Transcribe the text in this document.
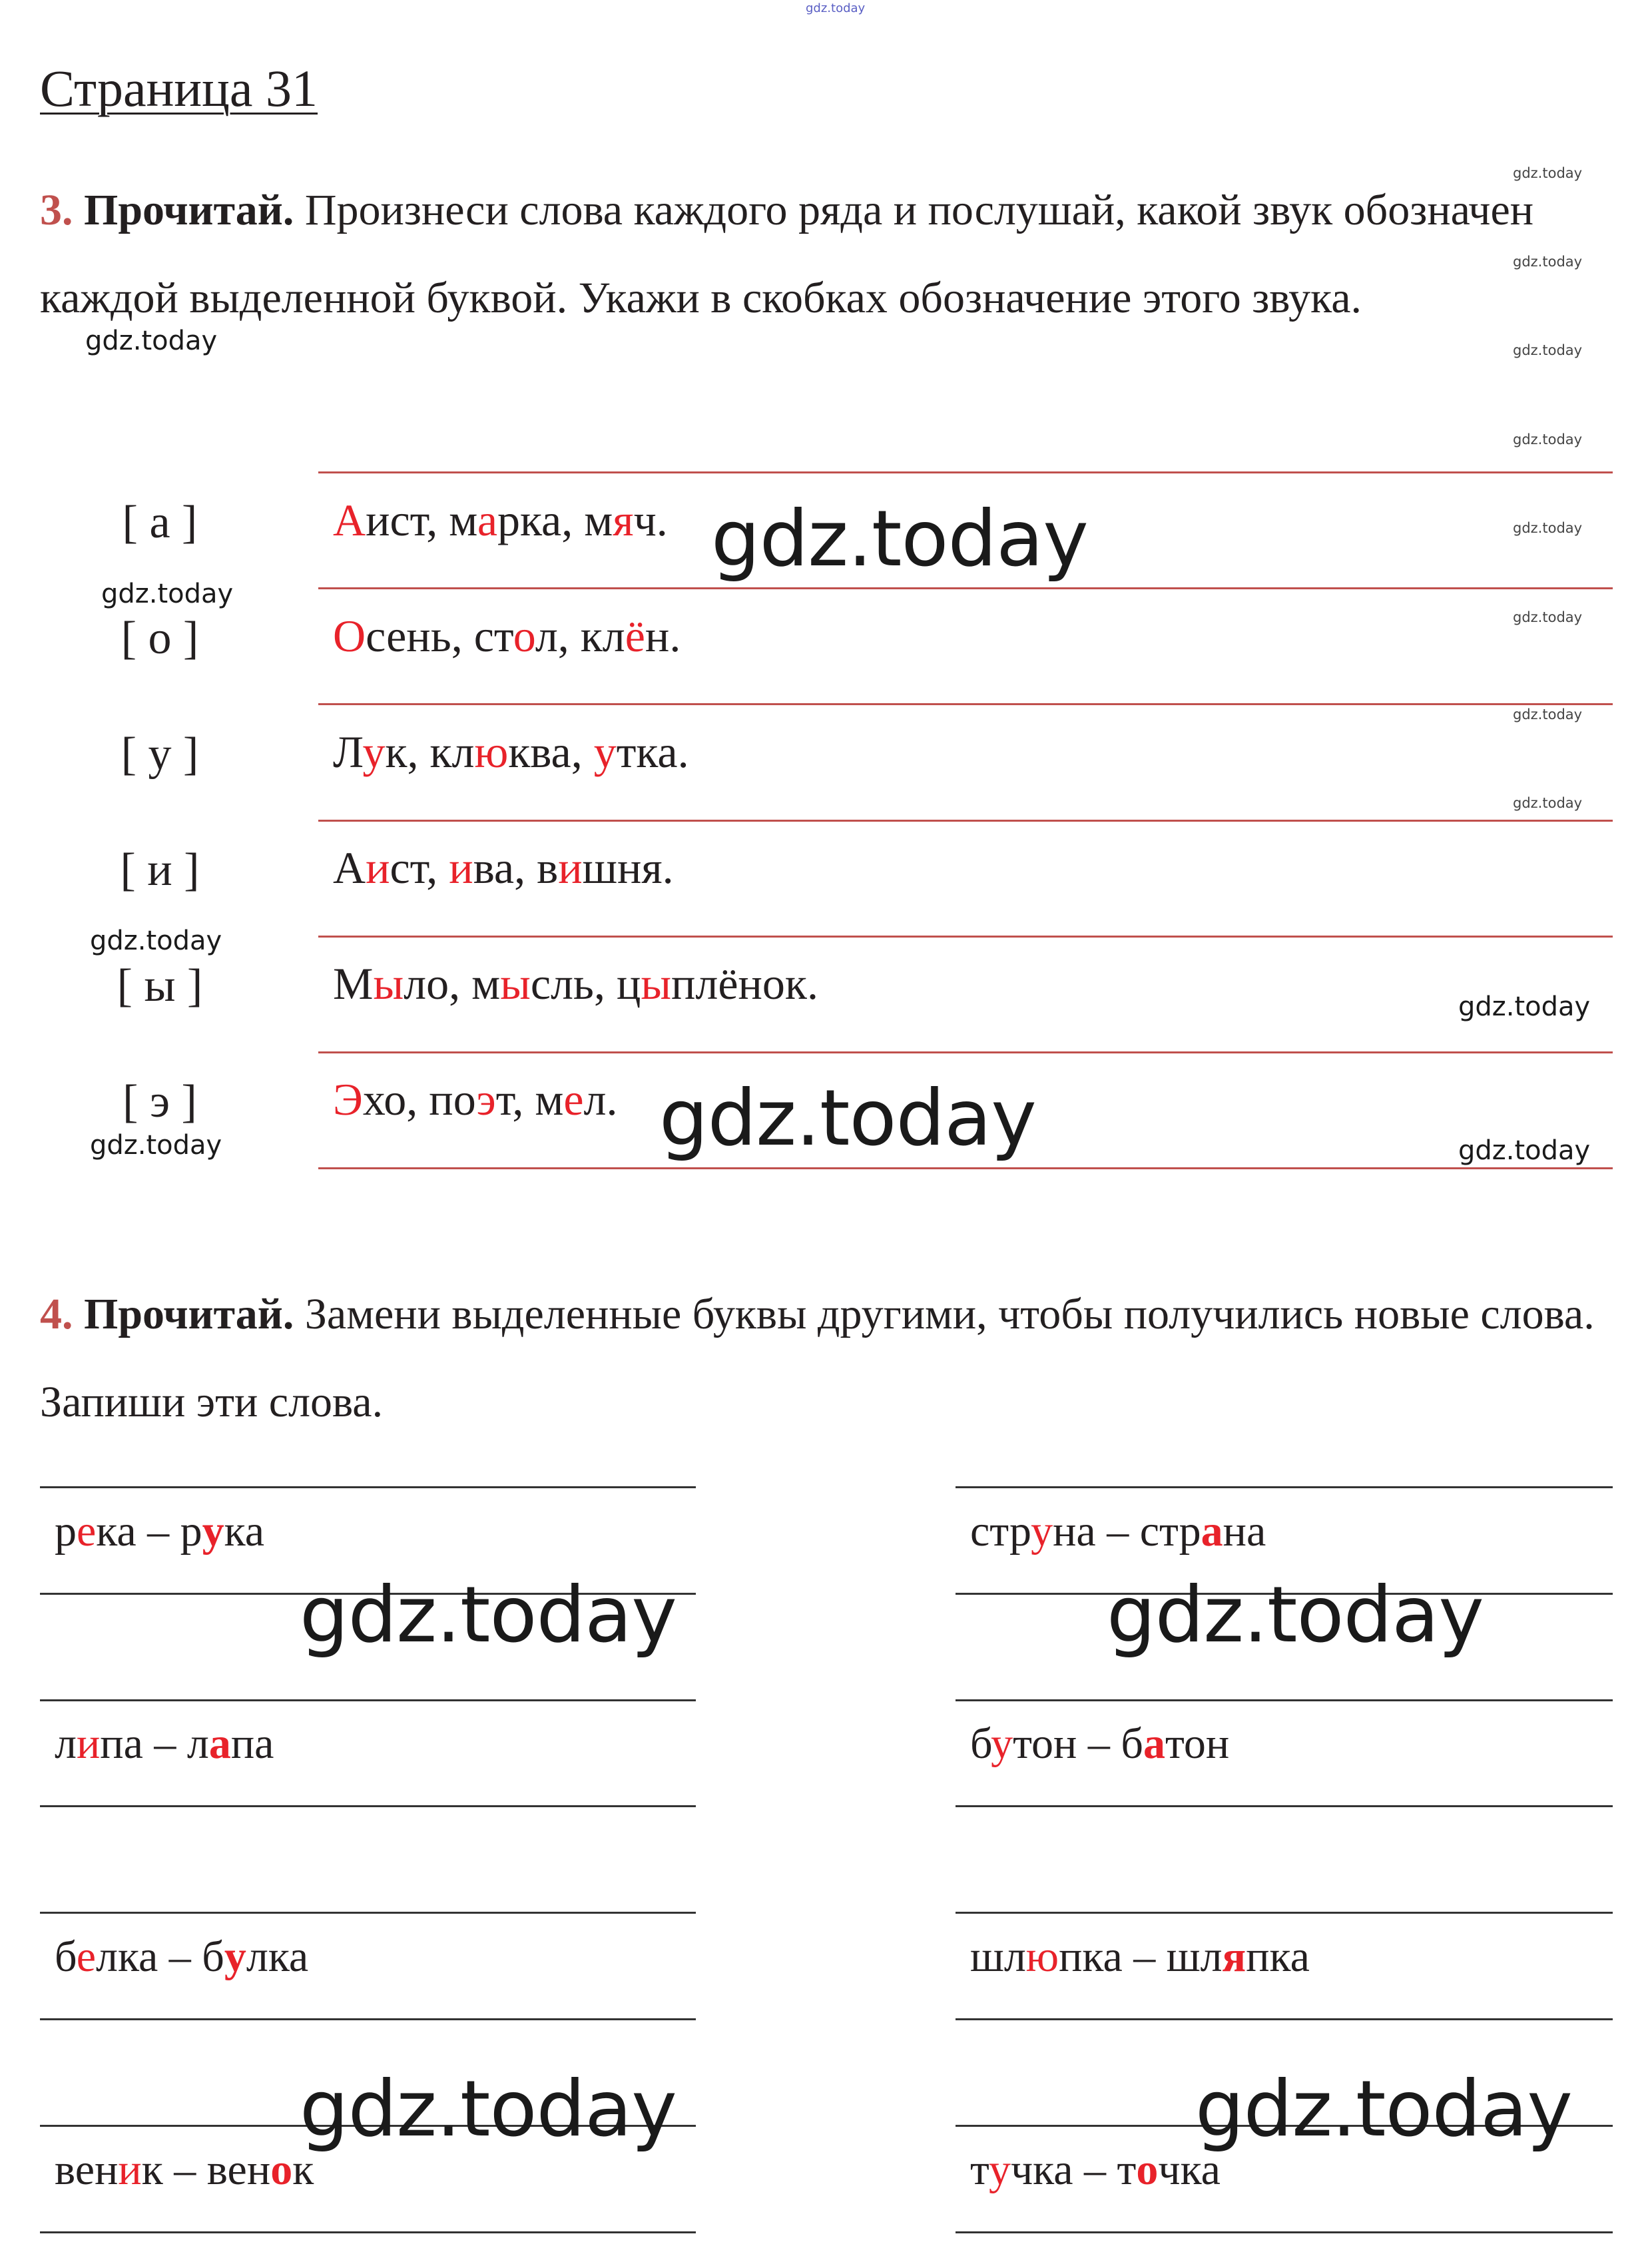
gdz.today
Страница 31

3. Прочитай. Произнеси слова каждого ряда и послушай, какой звук обозначен каждой выделенной буквой. Укажи в скобках обозначение этого звука.

gdz.today
gdz.today
gdz.today
gdz.today
gdz.today
gdz.today
gdz.today
gdz.today
gdz.today
gdz.today
gdz.today
gdz.today
gdz.today	gdz.today
[ а ]	Аист, марка, мяч.
[ о ]	Осень, стол, клён.
[ у ]	Лук, клюква, утка.
[ и ]	Аист, ива, вишня.
[ ы ]	Мыло, мысль, цыплёнок.
[ э ]	Эхо, поэт, мел.
gdz.today
gdz.today

4. Прочитай. Замени выделенные буквы другими, чтобы получились новые слова. Запиши эти слова.

река – рука
липа – лапа
белка – булка
веник – венок
струна – страна
бутон – батон
шлюпка – шляпка
тучка – точка
gdz.today	gdz.today
gdz.today	gdz.today
